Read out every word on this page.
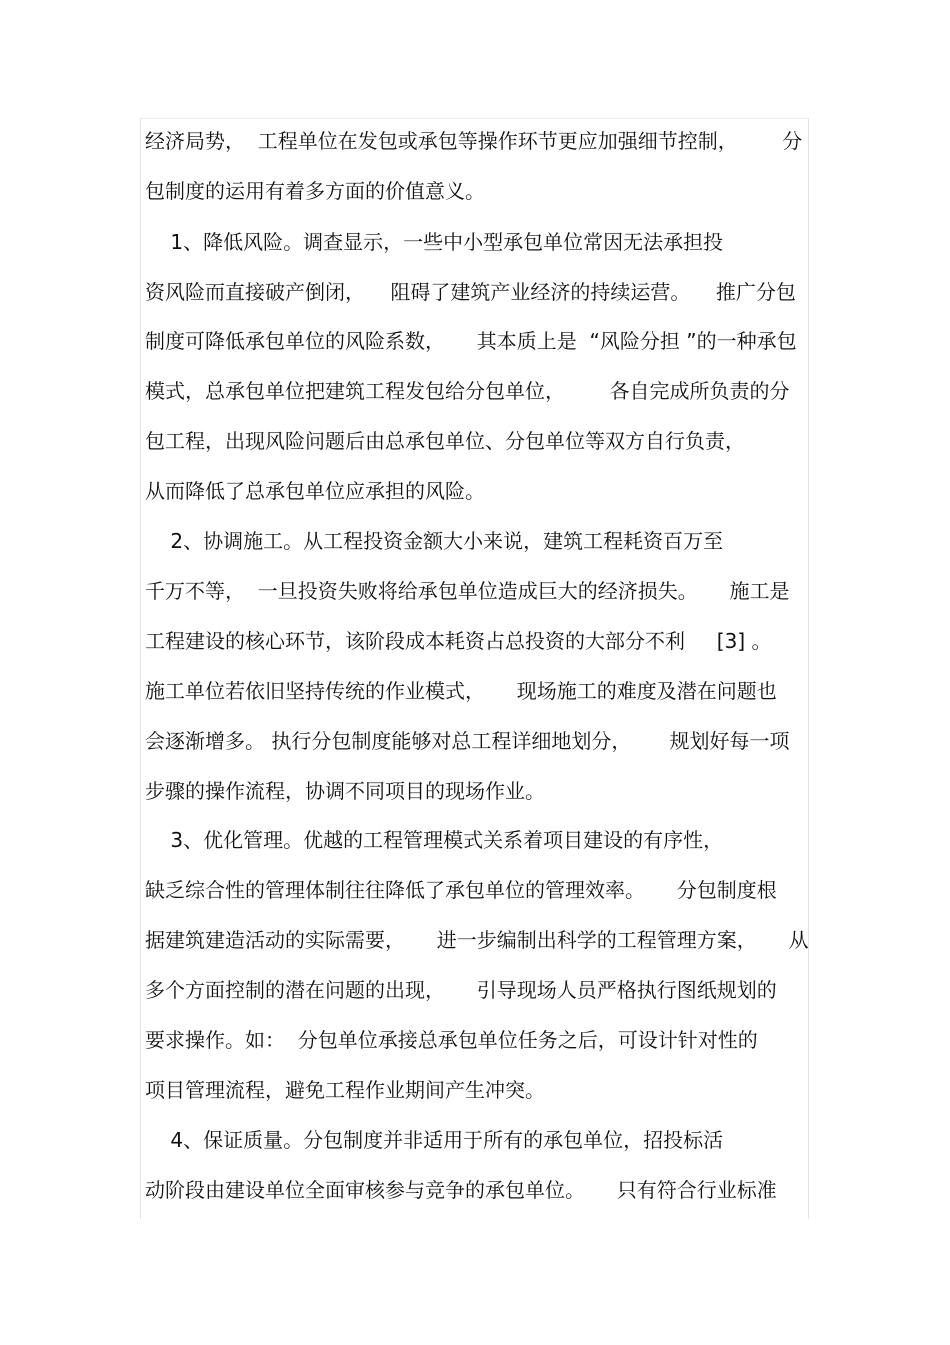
经济局势，  工程单位在发包或承包等操作环节更应加强细节控制，       分
包制度的运用有着多方面的价值意义。
1、降低风险。调查显示，一些中小型承包单位常因无法承担投
资风险而直接破产倒闭，    阻碍了建筑产业经济的持续运营。    推广分包
制度可降低承包单位的风险系数，     其本质上是  “风险分担 ”的一种承包
模式，总承包单位把建筑工程发包给分包单位，       各自完成所负责的分
包工程，出现风险问题后由总承包单位、分包单位等双方自行负责，
从而降低了总承包单位应承担的风险。
2、协调施工。从工程投资金额大小来说，建筑工程耗资百万至
千万不等，  一旦投资失败将给承包单位造成巨大的经济损失。     施工是
工程建设的核心环节，该阶段成本耗资占总投资的大部分不利     [3] 。
施工单位若依旧坚持传统的作业模式，     现场施工的难度及潜在问题也
会逐渐增多。 执行分包制度能够对总工程详细地划分，      规划好每一项
步骤的操作流程，协调不同项目的现场作业。
3、优化管理。优越的工程管理模式关系着项目建设的有序性，
缺乏综合性的管理体制往往降低了承包单位的管理效率。     分包制度根
据建筑建造活动的实际需要，     进一步编制出科学的工程管理方案，     从
多个方面控制的潜在问题的出现，     引导现场人员严格执行图纸规划的
要求操作。如：  分包单位承接总承包单位任务之后，可设计针对性的
项目管理流程，避免工程作业期间产生冲突。
4、保证质量。分包制度并非适用于所有的承包单位，招投标活
动阶段由建设单位全面审核参与竞争的承包单位。     只有符合行业标准
